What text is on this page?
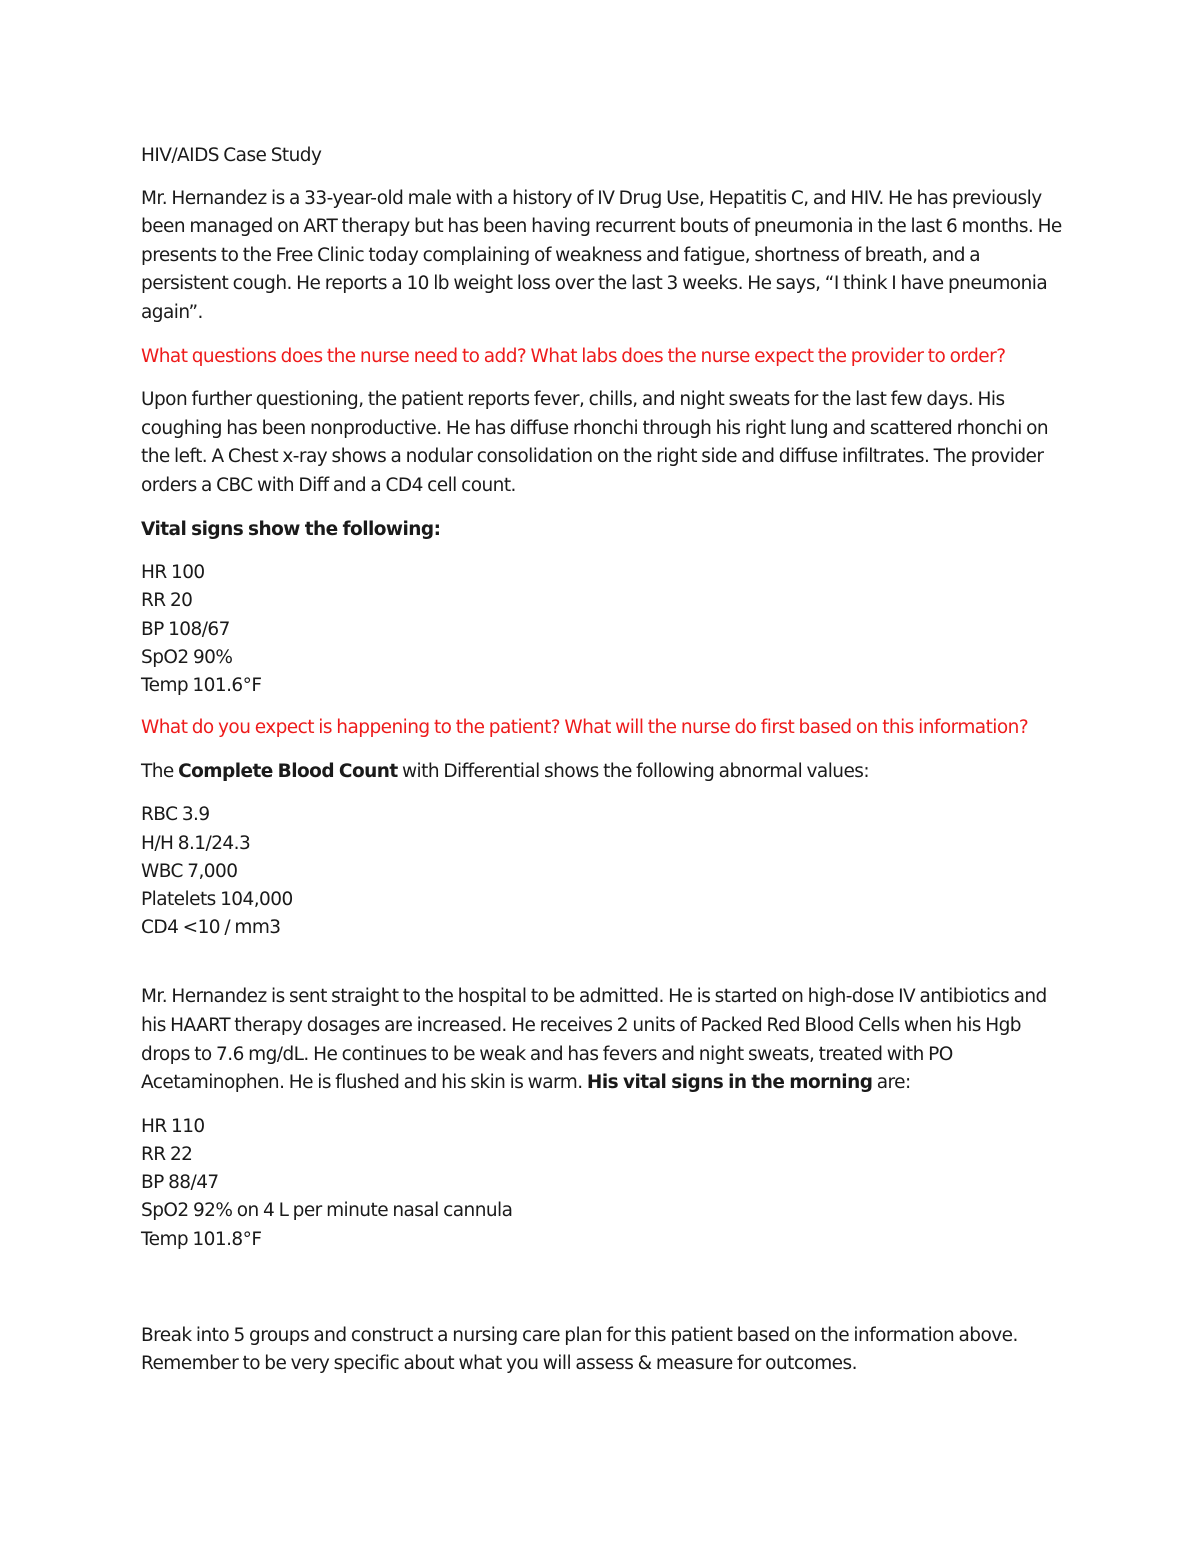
HIV/AIDS Case Study

Mr. Hernandez is a 33-year-old male with a history of IV Drug Use, Hepatitis C, and HIV. He has previously been managed on ART therapy but has been having recurrent bouts of pneumonia in the last 6 months. He presents to the Free Clinic today complaining of weakness and fatigue, shortness of breath, and a persistent cough. He reports a 10 lb weight loss over the last 3 weeks. He says, “I think I have pneumonia again”.

What questions does the nurse need to add? What labs does the nurse expect the provider to order?

Upon further questioning, the patient reports fever, chills, and night sweats for the last few days. His coughing has been nonproductive. He has diffuse rhonchi through his right lung and scattered rhonchi on the left. A Chest x-ray shows a nodular consolidation on the right side and diffuse infiltrates. The provider orders a CBC with Diff and a CD4 cell count.

Vital signs show the following:

HR 100
RR 20
BP 108/67
SpO2 90%
Temp 101.6°F

What do you expect is happening to the patient? What will the nurse do first based on this information?

The Complete Blood Count with Differential shows the following abnormal values:

RBC 3.9
H/H 8.1/24.3
WBC 7,000
Platelets 104,000
CD4 <10 / mm3

Mr. Hernandez is sent straight to the hospital to be admitted. He is started on high-dose IV antibiotics and his HAART therapy dosages are increased. He receives 2 units of Packed Red Blood Cells when his Hgb drops to 7.6 mg/dL. He continues to be weak and has fevers and night sweats, treated with PO Acetaminophen. He is flushed and his skin is warm. His vital signs in the morning are:

HR 110
RR 22
BP 88/47
SpO2 92% on 4 L per minute nasal cannula
Temp 101.8°F

Break into 5 groups and construct a nursing care plan for this patient based on the information above. Remember to be very specific about what you will assess & measure for outcomes.
